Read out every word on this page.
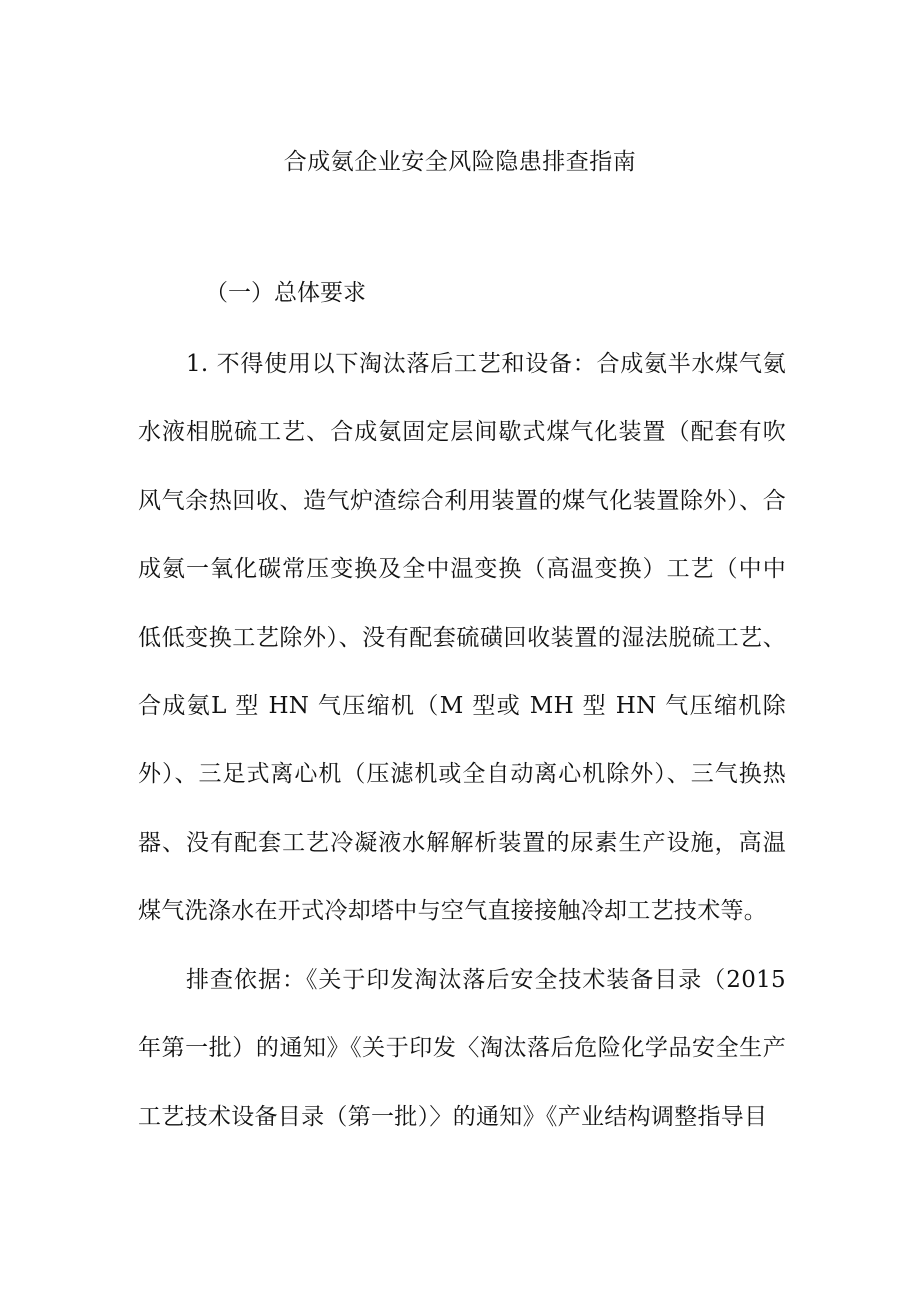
合成氨企业安全风险隐患排查指南
（一）总体要求

1. 不得使用以下淘汰落后工艺和设备：合成氨半水煤气氨水液相脱硫工艺、合成氨固定层间歇式煤气化装置（配套有吹风气余热回收、造气炉渣综合利用装置的煤气化装置除外）、合成氨一氧化碳常压变换及全中温变换（高温变换）工艺（中中低低变换工艺除外）、没有配套硫磺回收装置的湿法脱硫工艺、合成氨L 型 HN 气压缩机（M 型或 MH 型 HN 气压缩机除外）、三足式离心机（压滤机或全自动离心机除外）、三气换热器、没有配套工艺冷凝液水解解析装置的尿素生产设施，高温煤气洗涤水在开式冷却塔中与空气直接接触冷却工艺技术等。

排查依据：《关于印发淘汰落后安全技术装备目录（2015 年第一批）的通知》《关于印发〈淘汰落后危险化学品安全生产工艺技术设备目录（第一批）〉的通知》《产业结构调整指导目
